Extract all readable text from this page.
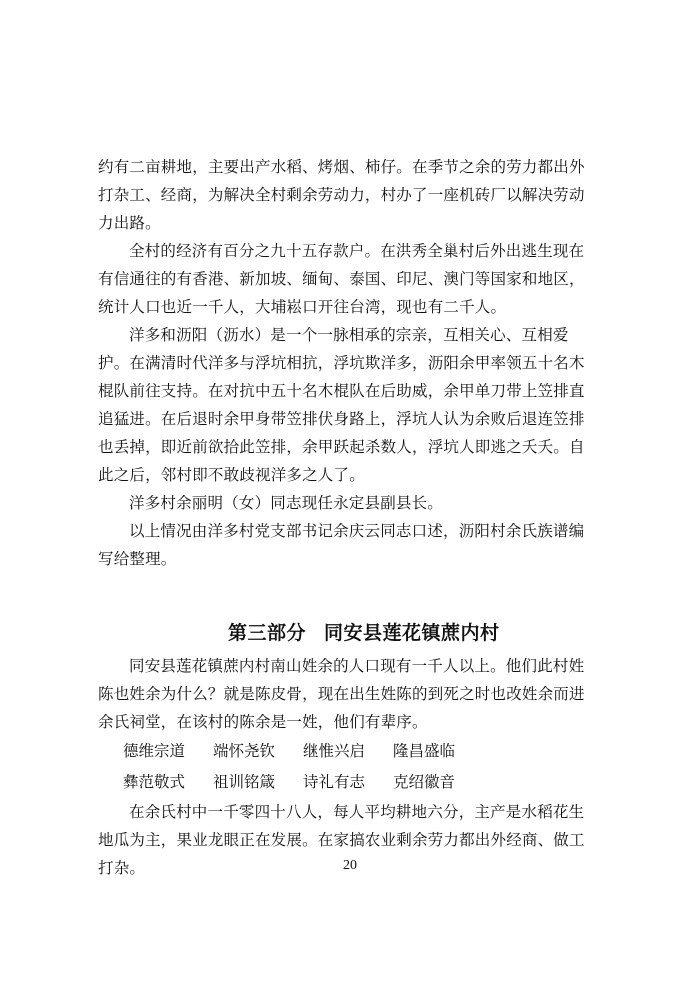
约有二亩耕地，主要出产水稻、烤烟、柿仔。在季节之余的劳力都出外打杂工、经商，为解决全村剩余劳动力，村办了一座机砖厂以解决劳动力出路。

全村的经济有百分之九十五存款户。在洪秀全巢村后外出逃生现在有信通往的有香港、新加坡、缅甸、泰国、印尼、澳门等国家和地区，统计人口也近一千人，大埔崧口开往台湾，现也有二千人。

洋多和沥阳（沥水）是一个一脉相承的宗亲，互相关心、互相爱护。在满清时代洋多与浮坑相抗，浮坑欺洋多，沥阳余甲率领五十名木棍队前往支持。在对抗中五十名木棍队在后助威，余甲单刀带上笠排直追猛进。在后退时余甲身带笠排伏身路上，浮坑人认为余败后退连笠排也丢掉，即近前欲拾此笠排，余甲跃起杀数人，浮坑人即逃之夭夭。自此之后，邻村即不敢歧视洋多之人了。

洋多村余丽明（女）同志现任永定县副县长。

以上情况由洋多村党支部书记余庆云同志口述，沥阳村余氏族谱编写给整理。

第三部分 同安县莲花镇蔗内村

同安县莲花镇蔗内村南山姓余的人口现有一千人以上。他们此村姓陈也姓余为什么？就是陈皮骨，现在出生姓陈的到死之时也改姓余而进余氏祠堂，在该村的陈余是一姓，他们有辈序。

德维宗道	端怀尧钦	继惟兴启	隆昌盛临
彝范敬式	祖训铭箴	诗礼有志	克绍徽音

在余氏村中一千零四十八人，每人平均耕地六分，主产是水稻花生地瓜为主，果业龙眼正在发展。在家搞农业剩余劳力都出外经商、做工打杂。	20
